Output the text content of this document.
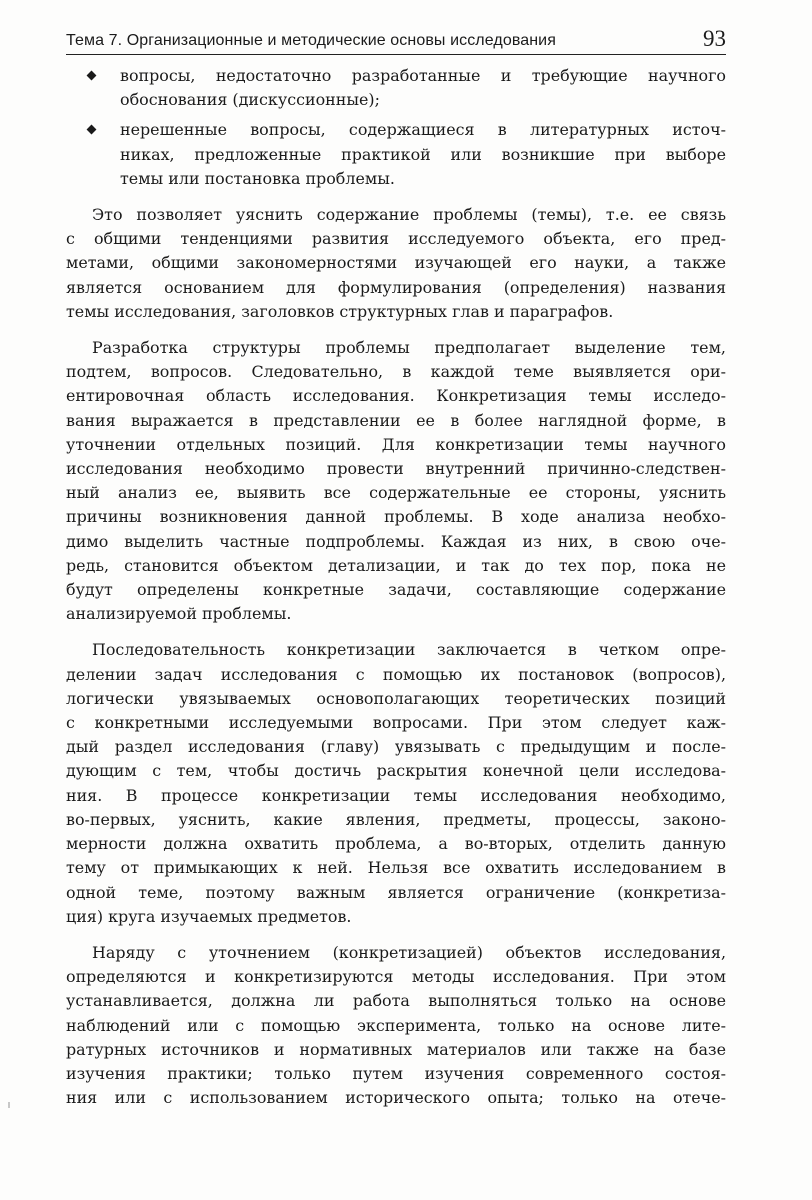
Тема 7. Организационные и методические основы исследования	93
вопросы, недостаточно разработанные и требующие научного
обоснования (дискуссионные);
нерешенные вопросы, содержащиеся в литературных источ-
никах, предложенные практикой или возникшие при выборе
темы или постановка проблемы.
Это позволяет уяснить содержание проблемы (темы), т.е. ее связь
с общими тенденциями развития исследуемого объекта, его пред-
метами, общими закономерностями изучающей его науки, а также
является основанием для формулирования (определения) названия
темы исследования, заголовков структурных глав и параграфов.
Разработка структуры проблемы предполагает выделение тем,
подтем, вопросов. Следовательно, в каждой теме выявляется ори-
ентировочная область исследования. Конкретизация темы исследо-
вания выражается в представлении ее в более наглядной форме, в
уточнении отдельных позиций. Для конкретизации темы научного
исследования необходимо провести внутренний причинно-следствен-
ный анализ ее, выявить все содержательные ее стороны, уяснить
причины возникновения данной проблемы. В ходе анализа необхо-
димо выделить частные подпроблемы. Каждая из них, в свою оче-
редь, становится объектом детализации, и так до тех пор, пока не
будут определены конкретные задачи, составляющие содержание
анализируемой проблемы.
Последовательность конкретизации заключается в четком опре-
делении задач исследования с помощью их постановок (вопросов),
логически увязываемых основополагающих теоретических позиций
с конкретными исследуемыми вопросами. При этом следует каж-
дый раздел исследования (главу) увязывать с предыдущим и после-
дующим с тем, чтобы достичь раскрытия конечной цели исследова-
ния. В процессе конкретизации темы исследования необходимо,
во-первых, уяснить, какие явления, предметы, процессы, законо-
мерности должна охватить проблема, а во-вторых, отделить данную
тему от примыкающих к ней. Нельзя все охватить исследованием в
одной теме, поэтому важным является ограничение (конкретиза-
ция) круга изучаемых предметов.
Наряду с уточнением (конкретизацией) объектов исследования,
определяются и конкретизируются методы исследования. При этом
устанавливается, должна ли работа выполняться только на основе
наблюдений или с помощью эксперимента, только на основе лите-
ратурных источников и нормативных материалов или также на базе
изучения практики; только путем изучения современного состоя-
ния или с использованием исторического опыта; только на отече-
